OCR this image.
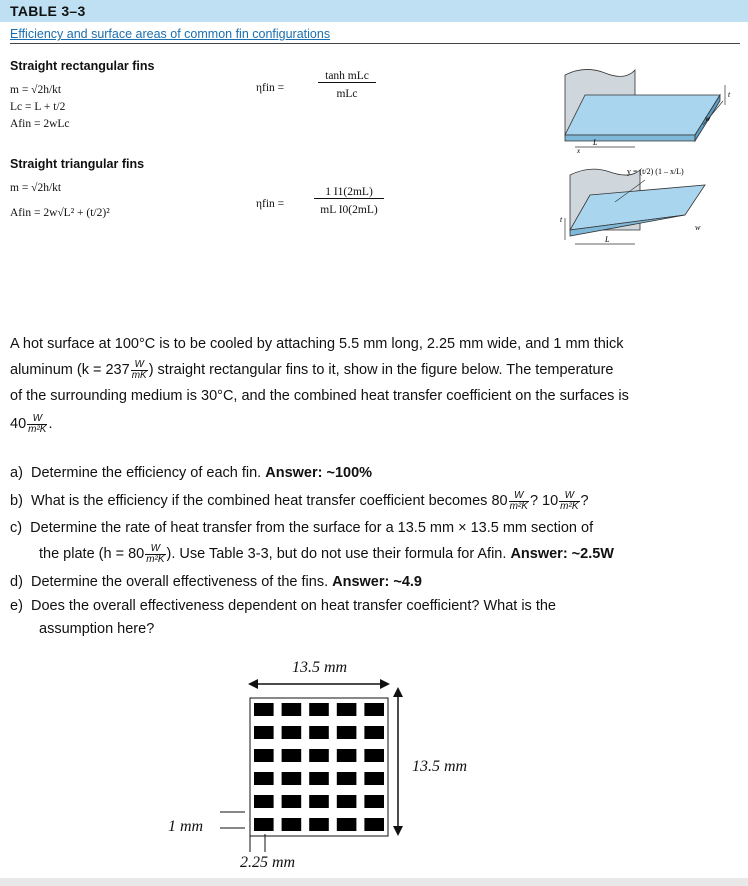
TABLE 3–3
Efficiency and surface areas of common fin configurations
Straight rectangular fins
m = √2h/kt
Lc = L + t/2
Afin = 2wLc
ηfin =
tanh mLc
mLc
Straight triangular fins
m = √2h/kt
Afin = 2w√L² + (t/2)²
ηfin =
1 I1(2mL)
mL I0(2mL)
L
w
t
x
y = (t/2) (1 – x/L)
t
L
w
A hot surface at 100°C is to be cooled by attaching 5.5 mm long, 2.25 mm wide, and 1 mm thick
aluminum ($k = 237 \frac{W}{mK}$ ) straight rectangular fins to it, show in the figure below. The temperature
of the surrounding medium is 30°C, and the combined heat transfer coefficient on the surfaces is
$40 \frac{W}{\text{m²K}}$ .
a) Determine the efficiency of each fin. Answer: ~100%
b) What is the efficiency if the combined heat transfer coefficient becomes $80 \frac{W}{\text{m²K}}$ ? $10 \frac{W}{\text{m²K}}$ ?
c) Determine the rate of heat transfer from the surface for a 13.5 mm × 13.5 mm section of
the plate ($h = 80 \frac{W}{\text{m²K}}$ ). Use Table 3-3, but do not use their formula for Afin. Answer: ~2.5W
d) Determine the overall effectiveness of the fins. Answer: ~4.9
e) Does the overall effectiveness dependent on heat transfer coefficient? What is the
assumption here?
13.5 mm
13.5 mm
1 mm
2.25 mm
